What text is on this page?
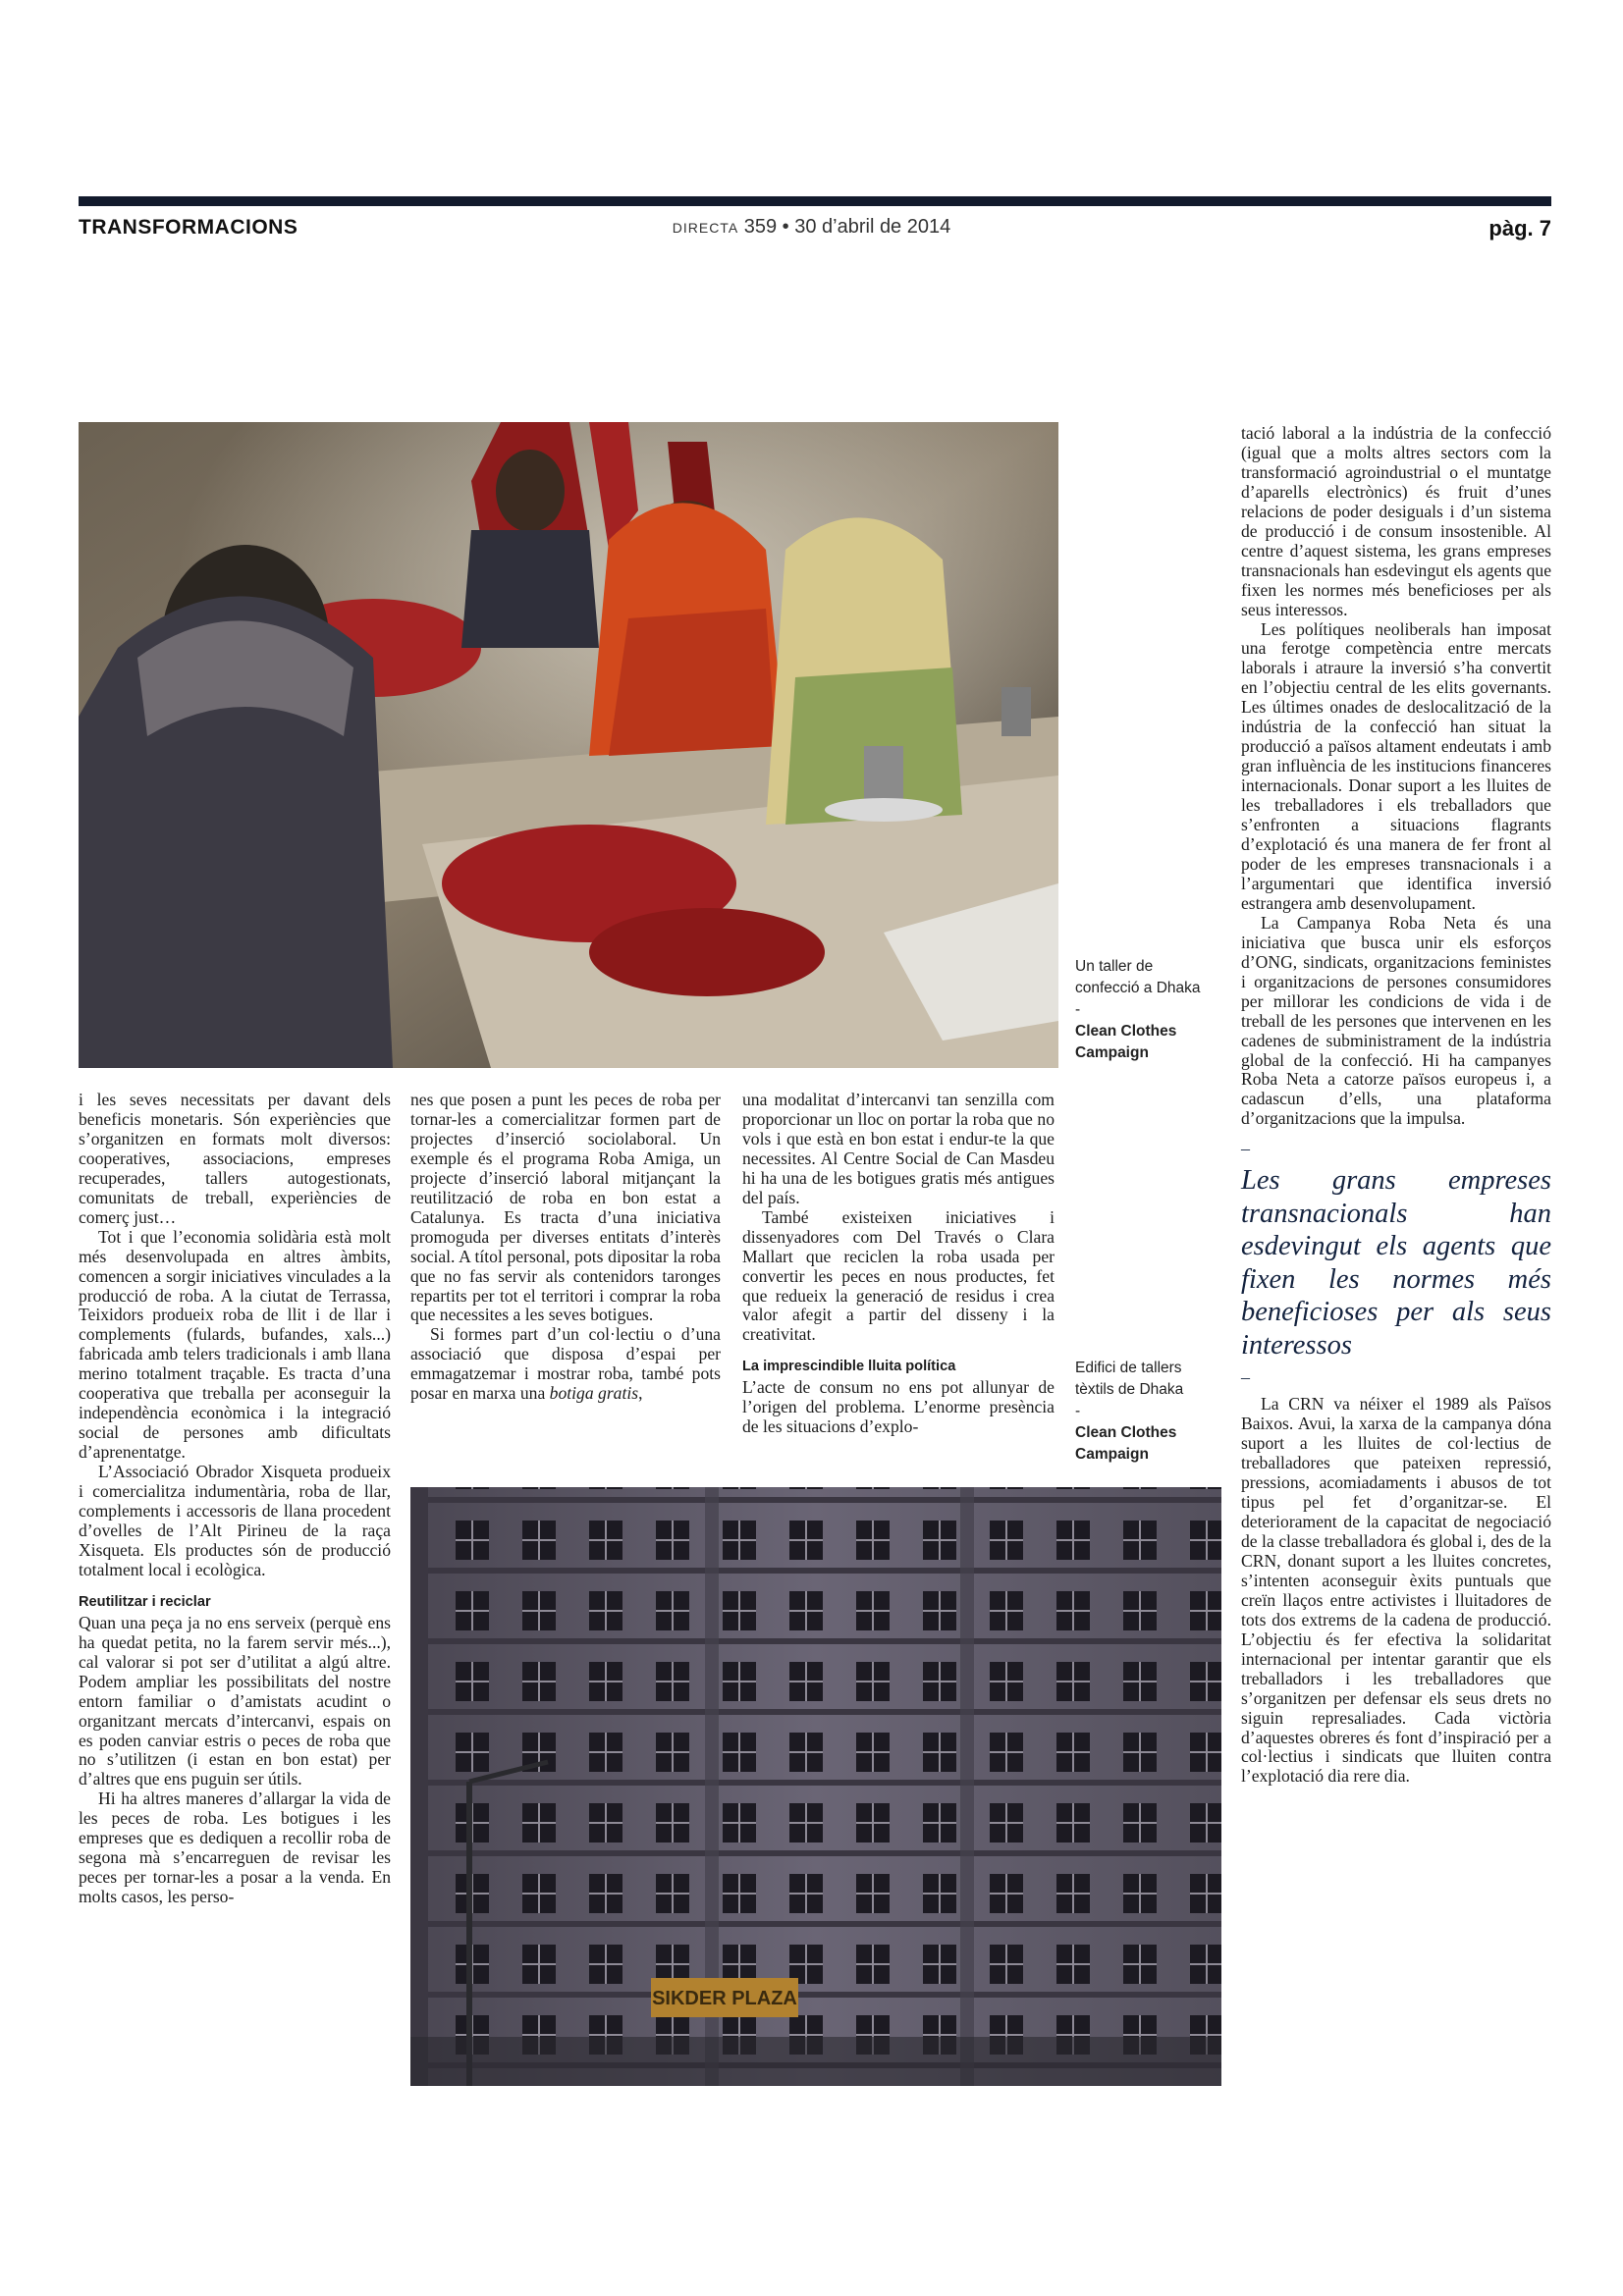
TRANSFORMACIONS	DIRECTA 359 • 30 d’abril de 2014	pàg. 7
Un taller de confecció a Dhaka
-
Clean Clothes Campaign
SIKDER PLAZA
Edifici de tallers tèxtils de Dhaka
-
Clean Clothes Campaign

i les seves necessitats per davant dels beneficis monetaris. Són experiències que s’organitzen en formats molt diversos: cooperatives, associacions, empreses recuperades, tallers autogestionats, comunitats de treball, experiències de comerç just…

Tot i que l’economia solidària està molt més desenvolupada en altres àmbits, comencen a sorgir iniciatives vinculades a la producció de roba. A la ciutat de Terrassa, Teixidors produeix roba de llit i de llar i complements (fulards, bufandes, xals...) fabricada amb telers tradicionals i amb llana merino totalment traçable. Es tracta d’una cooperativa que treballa per aconseguir la independència econòmica i la integració social de persones amb dificultats d’aprenentatge.

L’Associació Obrador Xisqueta produeix i comercialitza indumentària, roba de llar, complements i accessoris de llana procedent d’ovelles de l’Alt Pirineu de la raça Xisqueta. Els productes són de producció totalment local i ecològica.

Reutilitzar i reciclar

Quan una peça ja no ens serveix (perquè ens ha quedat petita, no la farem servir més...), cal valorar si pot ser d’utilitat a algú altre. Podem ampliar les possibilitats del nostre entorn familiar o d’amistats acudint o organitzant mercats d’intercanvi, espais on es poden canviar estris o peces de roba que no s’utilitzen (i estan en bon estat) per d’altres que ens puguin ser útils.

Hi ha altres maneres d’allargar la vida de les peces de roba. Les botigues i les empreses que es dediquen a recollir roba de segona mà s’encarreguen de revisar les peces per tornar-les a posar a la venda. En molts casos, les perso-

nes que posen a punt les peces de roba per tornar-les a comercialitzar formen part de projectes d’inserció sociolaboral. Un exemple és el programa Roba Amiga, un projecte d’inserció laboral mitjançant la reutilització de roba en bon estat a Catalunya. Es tracta d’una iniciativa promoguda per diverses entitats d’interès social. A títol personal, pots dipositar la roba que no fas servir als contenidors taronges repartits per tot el territori i comprar la roba que necessites a les seves botigues.

Si formes part d’un col·lectiu o d’una associació que disposa d’espai per emmagatzemar i mostrar roba, també pots posar en marxa una botiga gratis,

una modalitat d’intercanvi tan senzilla com proporcionar un lloc on portar la roba que no vols i que està en bon estat i endur-te la que necessites. Al Centre Social de Can Masdeu hi ha una de les botigues gratis més antigues del país.

També existeixen iniciatives i dissenyadores com Del Través o Clara Mallart que reciclen la roba usada per convertir les peces en nous productes, fet que redueix la generació de residus i crea valor afegit a partir del disseny i la creativitat.

La imprescindible lluita política

L’acte de consum no ens pot allunyar de l’origen del problema. L’enorme presència de les situacions d’explo-

tació laboral a la indústria de la confecció (igual que a molts altres sectors com la transformació agroindustrial o el muntatge d’aparells electrònics) és fruit d’unes relacions de poder desiguals i d’un sistema de producció i de consum insostenible. Al centre d’aquest sistema, les grans empreses transnacionals han esdevingut els agents que fixen les normes més beneficioses per als seus interessos.

Les polítiques neoliberals han imposat una ferotge competència entre mercats laborals i atraure la inversió s’ha convertit en l’objectiu central de les elits governants. Les últimes onades de deslocalització de la indústria de la confecció han situat la producció a països altament endeutats i amb gran influència de les institucions financeres internacionals. Donar suport a les lluites de les treballadores i els treballadors que s’enfronten a situacions flagrants d’explotació és una manera de fer front al poder de les empreses transnacionals i a l’argumentari que identifica inversió estrangera amb desenvolupament.

La Campanya Roba Neta és una iniciativa que busca unir els esforços d’ONG, sindicats, organitzacions feministes i organitzacions de persones consumidores per millorar les condicions de vida i de treball de les persones que intervenen en les cadenes de subministrament de la indústria global de la confecció. Hi ha campanyes Roba Neta a catorze països europeus i, a cadascun d’ells, una plataforma d’organitzacions que la impulsa.

–
Les grans empreses transnacionals han esdevingut els agents que fixen les normes més beneficioses per als seus interessos
–

La CRN va néixer el 1989 als Països Baixos. Avui, la xarxa de la campanya dóna suport a les lluites de col·lectius de treballadores que pateixen repressió, pressions, acomiadaments i abusos de tot tipus pel fet d’organitzar-se. El deteriorament de la capacitat de negociació de la classe treballadora és global i, des de la CRN, donant suport a les lluites concretes, s’intenten aconseguir èxits puntuals que creïn llaços entre activistes i lluitadores de tots dos extrems de la cadena de producció. L’objectiu és fer efectiva la solidaritat internacional per intentar garantir que els treballadors i les treballadores que s’organitzen per defensar els seus drets no siguin represaliades. Cada victòria d’aquestes obreres és font d’inspiració per a col·lectius i sindicats que lluiten contra l’explotació dia rere dia.
